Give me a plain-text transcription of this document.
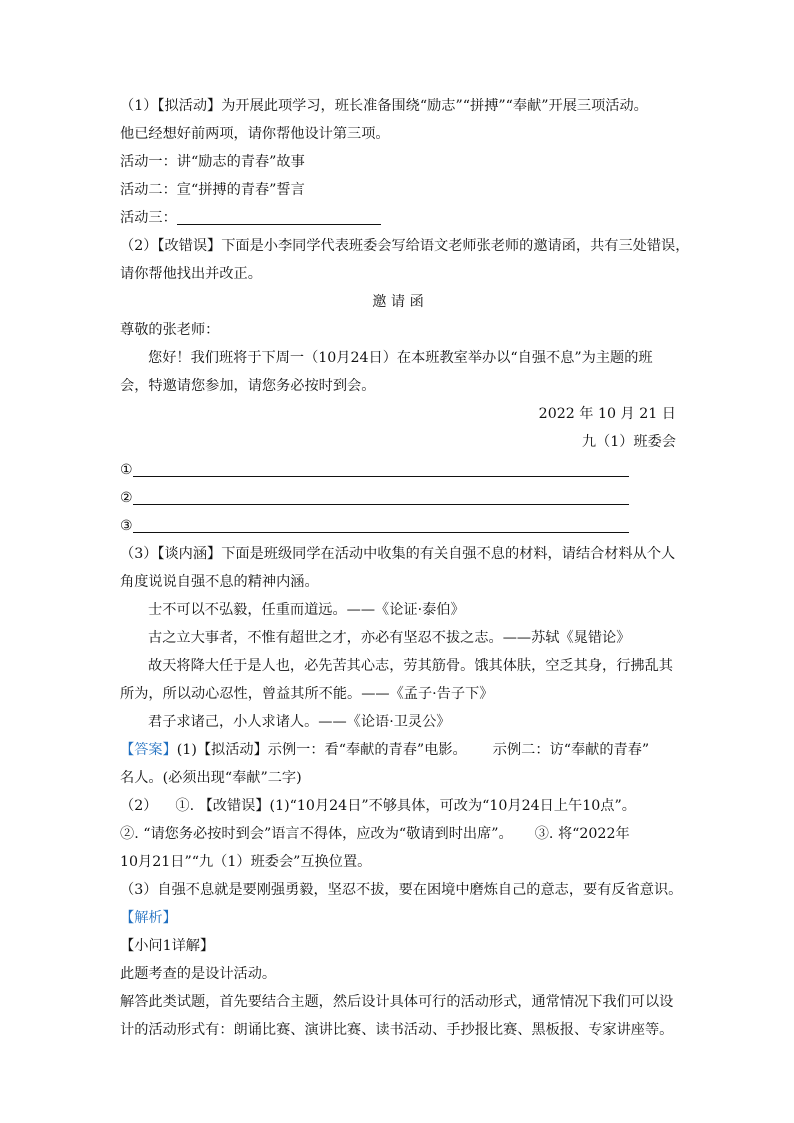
（1）【拟活动】为开展此项学习，班长准备围绕“励志”“拼搏”“奉献”开展三项活动。
他已经想好前两项，请你帮他设计第三项。
活动一：讲“励志的青春”故事
活动二：宣“拼搏的青春”誓言
活动三：
（2）【改错误】下面是小李同学代表班委会写给语文老师张老师的邀请函，共有三处错误，
请你帮他找出并改正。
邀 请 函
尊敬的张老师：
您好！我们班将于下周一（10月24日）在本班教室举办以“自强不息”为主题的班
会，特邀请您参加，请您务必按时到会。
2022 年 10 月 21 日
九（1）班委会
①
②
③
（3）【谈内涵】下面是班级同学在活动中收集的有关自强不息的材料，请结合材料从个人
角度说说自强不息的精神内涵。
士不可以不弘毅，任重而道远。——《论证·泰伯》
古之立大事者，不惟有超世之才，亦必有坚忍不拔之志。——苏轼《晁错论》
故天将降大任于是人也，必先苦其心志，劳其筋骨。饿其体肤，空乏其身，行拂乱其
所为，所以动心忍性，曾益其所不能。——《孟子·告子下》
君子求诸己，小人求诸人。——《论语·卫灵公》
【答案】(1)【拟活动】示例一：看“奉献的青春”电影。 示例二：访“奉献的青春”
名人。(必须出现“奉献”二字)
（2） ①. 【改错误】(1)“10月24日”不够具体，可改为“10月24日上午10点”。
②. “请您务必按时到会”语言不得体，应改为“敬请到时出席”。 ③. 将“2022年
10月21日”“九（1）班委会”互换位置。
（3）自强不息就是要刚强勇毅，坚忍不拔，要在困境中磨炼自己的意志，要有反省意识。
【解析】
【小问1详解】
此题考查的是设计活动。
解答此类试题，首先要结合主题，然后设计具体可行的活动形式，通常情况下我们可以设
计的活动形式有：朗诵比赛、演讲比赛、读书活动、手抄报比赛、黑板报、专家讲座等。
